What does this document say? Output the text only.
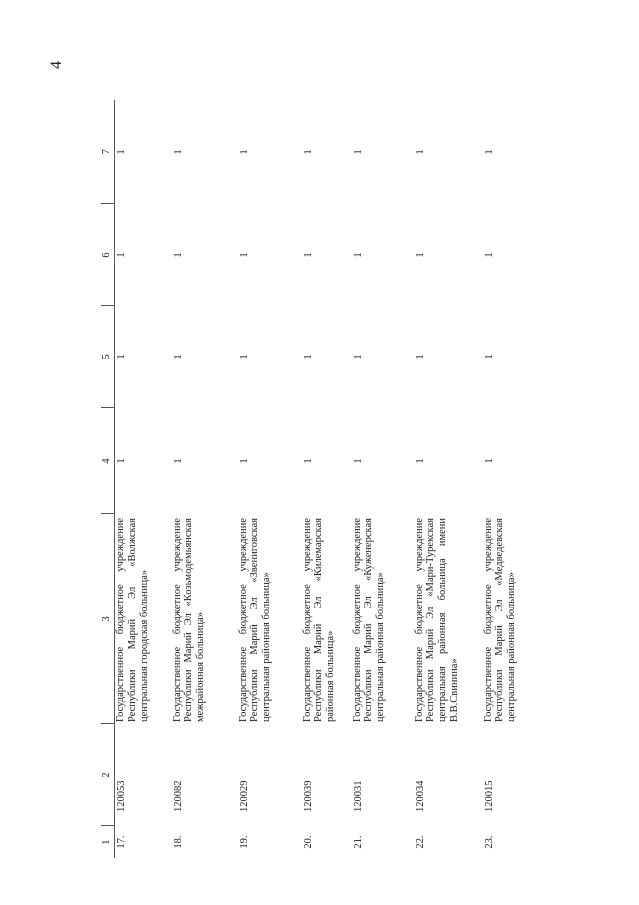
4
1	2	3	4	5	6	7
17.	120053	Государственное бюджетное учреждение Республики Марий Эл «Волжская центральная городская больница»	1	1	1	1
18.	120082	Государственное бюджетное учреждение Республики Марий Эл «Козьмодемьянская межрайонная больница»	1	1	1	1
19.	120029	Государственное бюджетное учреждение Республики Марий Эл «Звениговская центральная районная больница»	1	1	1	1
20.	120039	Государственное бюджетное учреждение Республики Марий Эл «Килемарская районная больница»	1	1	1	1
21.	120031	Государственное бюджетное учреждение Республики Марий Эл «Куженерская центральная районная больница»	1	1	1	1
22.	120034	Государственное бюджетное учреждение Республики Марий Эл «Мари-Турекская центральная районная больница имени В.В.Свинина»	1	1	1	1
23.	120015	Государственное бюджетное учреждение Республики Марий Эл «Медведевская центральная районная больница»	1	1	1	1
